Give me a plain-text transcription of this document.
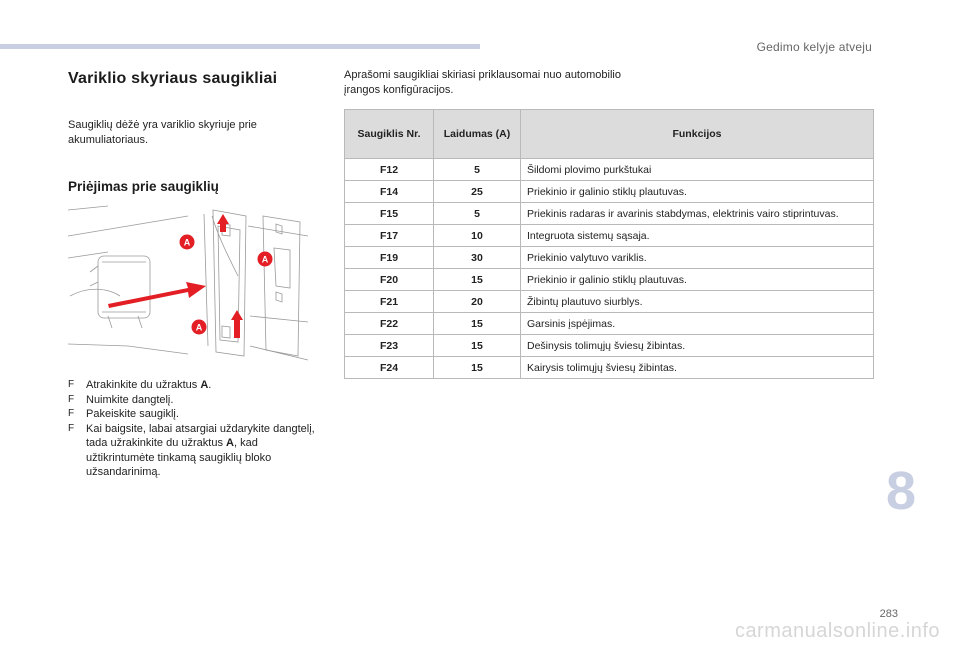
Gedimo kelyje atveju
Variklio skyriaus saugikliai
Saugiklių dėžė yra variklio skyriuje prie akumuliatoriaus.
Priėjimas prie saugiklių
A
A
A
F Atrakinkite du užraktus A.
F Nuimkite dangtelį.
F Pakeiskite saugiklį.
F Kai baigsite, labai atsargiai uždarykite dangtelį, tada užrakinkite du užraktus A, kad užtikrintumėte tinkamą saugiklių bloko užsandarinimą.
Aprašomi saugikliai skiriasi priklausomai nuo automobilio įrangos konfigūracijos.
Saugiklis Nr.	Laidumas (A)	Funkcijos
F12	5	Šildomi plovimo purkštukai
F14	25	Priekinio ir galinio stiklų plautuvas.
F15	5	Priekinis radaras ir avarinis stabdymas, elektrinis vairo stiprintuvas.
F17	10	Integruota sistemų sąsaja.
F19	30	Priekinio valytuvo variklis.
F20	15	Priekinio ir galinio stiklų plautuvas.
F21	20	Žibintų plautuvo siurblys.
F22	15	Garsinis įspėjimas.
F23	15	Dešinysis tolimųjų šviesų žibintas.
F24	15	Kairysis tolimųjų šviesų žibintas.
8
283
carmanualsonline.info
